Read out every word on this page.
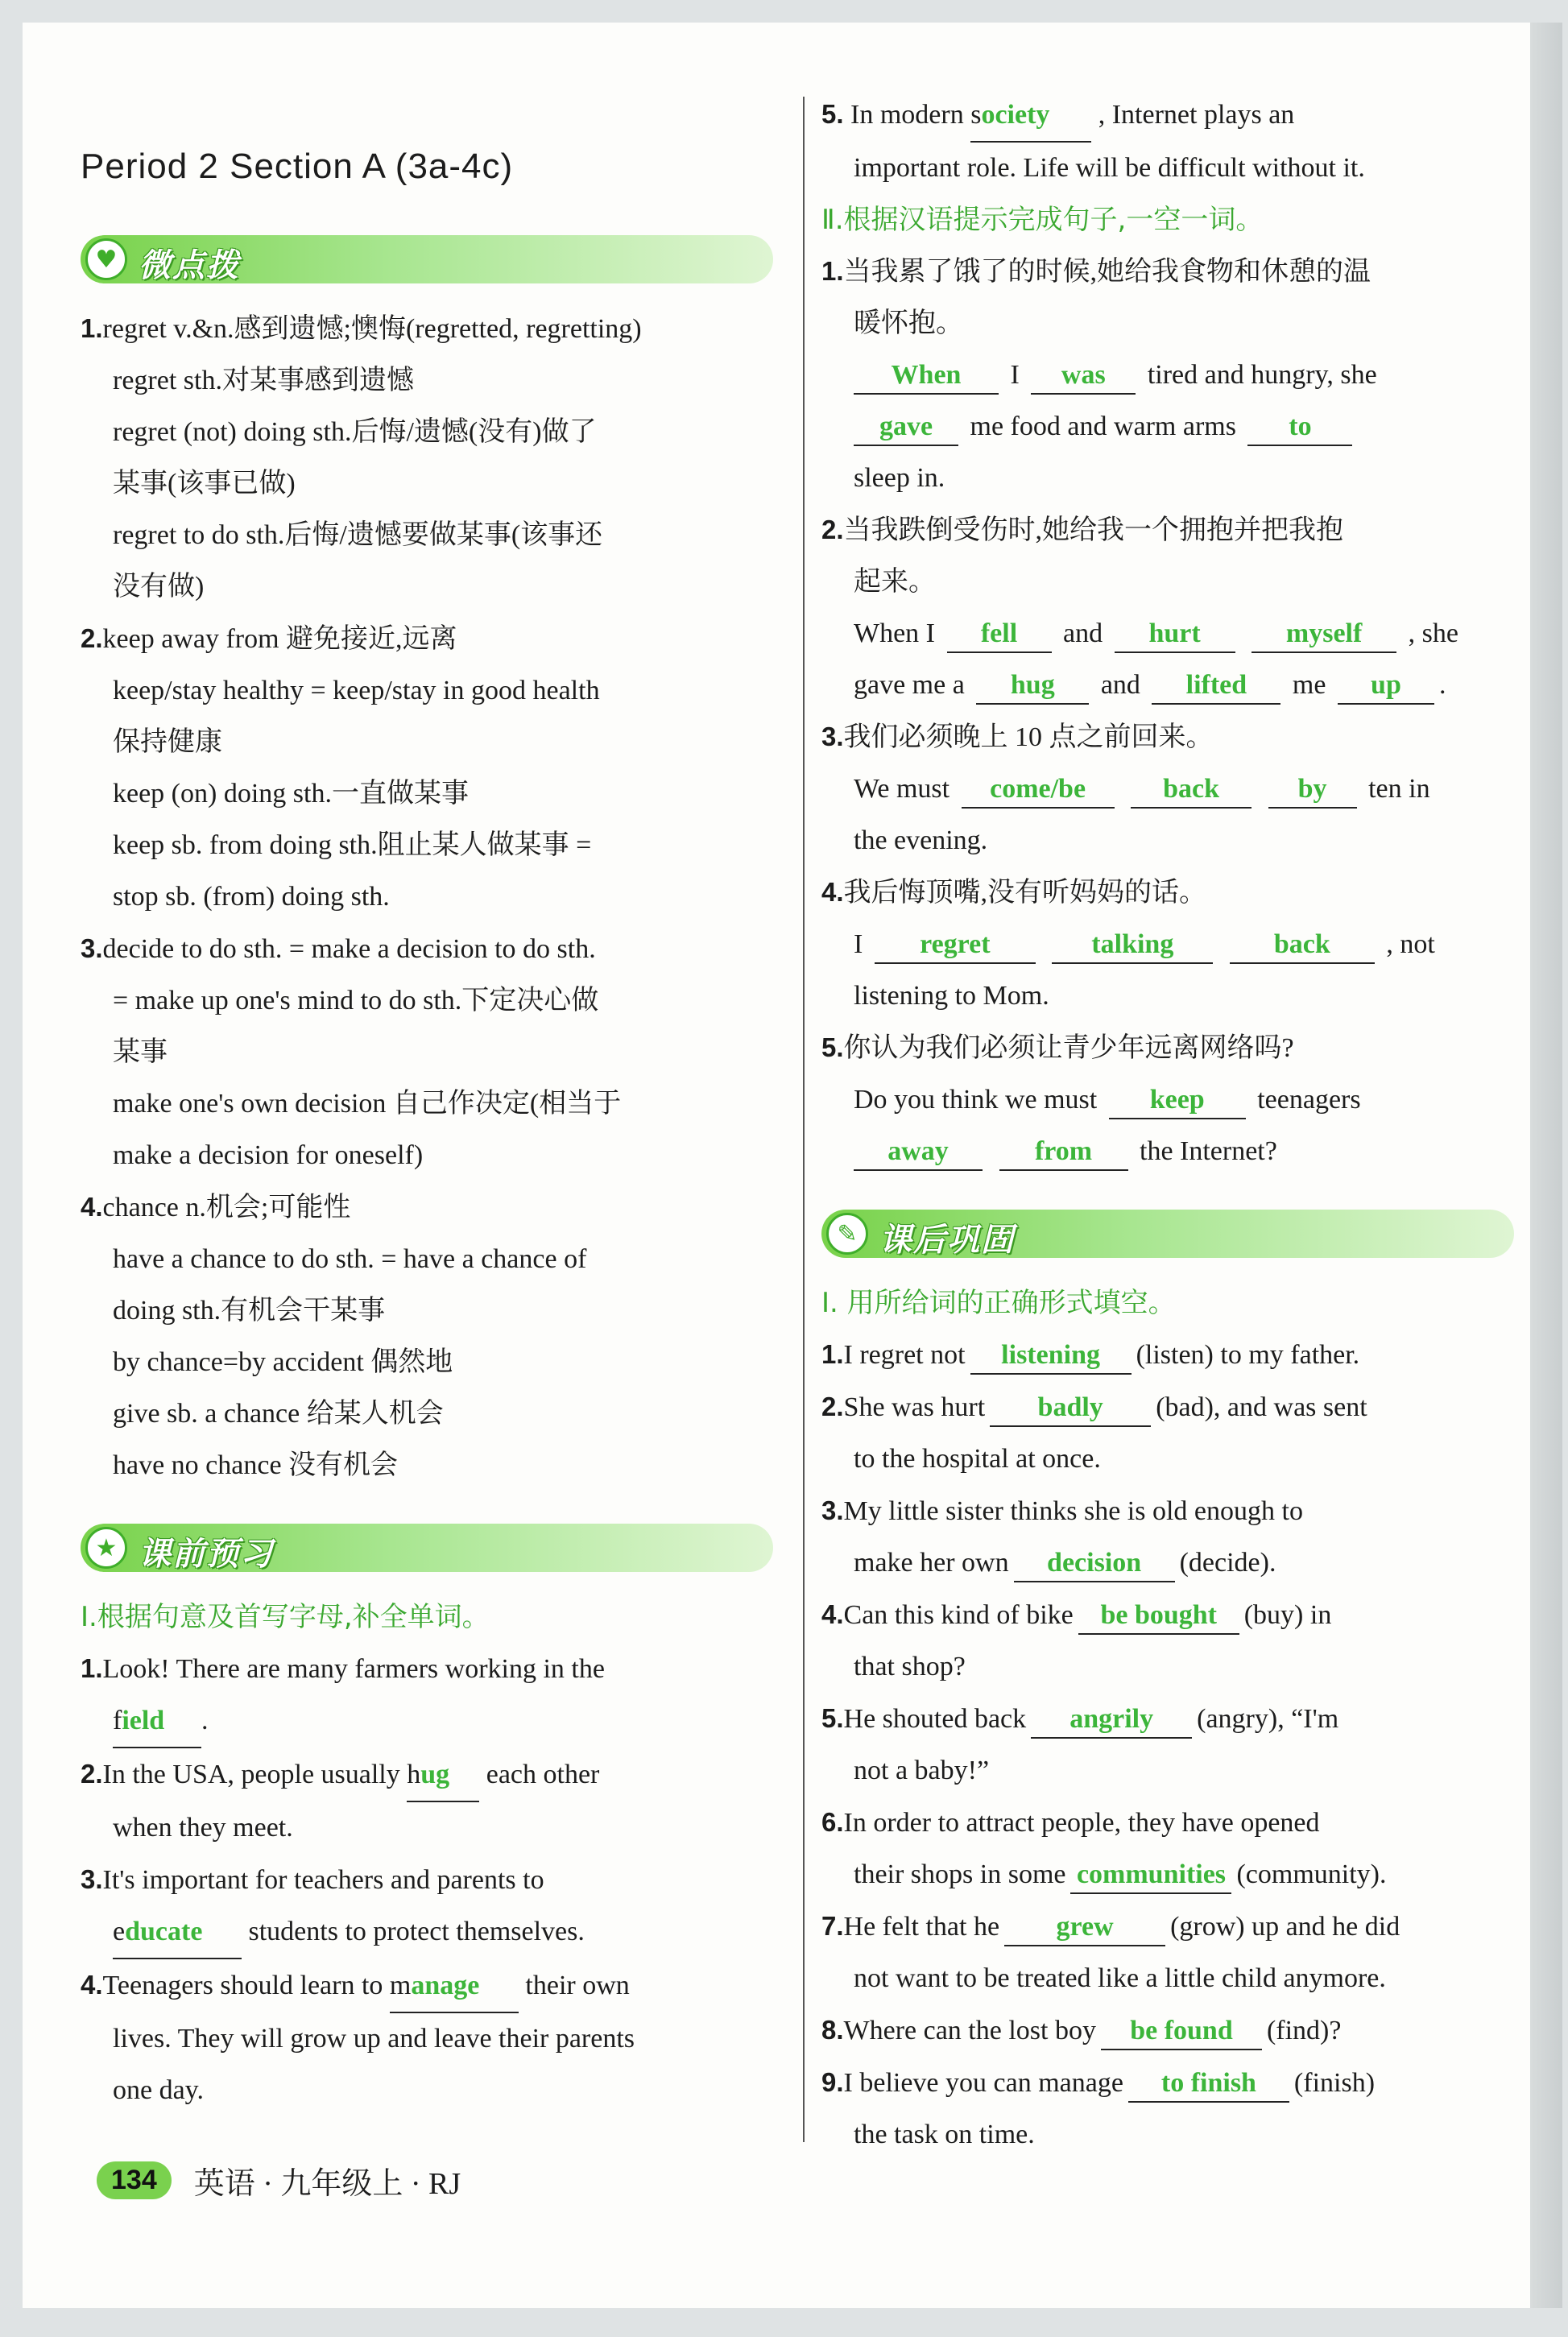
Period 2 Section A (3a-4c)
♥ 微点拨
1.regret v.&n.感到遗憾;懊悔(regretted, regretting)
regret sth.对某事感到遗憾
regret (not) doing sth.后悔/遗憾(没有)做了
某事(该事已做)
regret to do sth.后悔/遗憾要做某事(该事还
没有做)
2.keep away from 避免接近,远离
keep/stay healthy = keep/stay in good health
保持健康
keep (on) doing sth.一直做某事
keep sb. from doing sth.阻止某人做某事 =
stop sb. (from) doing sth.
3.decide to do sth. = make a decision to do sth.
= make up one's mind to do sth.下定决心做
某事
make one's own decision 自己作决定(相当于
make a decision for oneself)
4.chance n.机会;可能性
have a chance to do sth. = have a chance of
doing sth.有机会干某事
by chance=by accident 偶然地
give sb. a chance 给某人机会
have no chance 没有机会
★ 课前预习
Ⅰ.根据句意及首写字母,补全单词。
1.Look! There are many farmers working in the
field .
2.In the USA, people usually hug each other
when they meet.
3.It's important for teachers and parents to
educate students to protect themselves.
4.Teenagers should learn to manage their own
lives. They will grow up and leave their parents
one day.
5. In modern society , Internet plays an
important role. Life will be difficult without it.
Ⅱ.根据汉语提示完成句子,一空一词。
1.当我累了饿了的时候,她给我食物和休憩的温
暖怀抱。
When I was tired and hungry, she
gave me food and warm arms to
sleep in.
2.当我跌倒受伤时,她给我一个拥抱并把我抱
起来。
When I fell and hurt	myself , she
gave me a hug and lifted me up .
3.我们必须晚上 10 点之前回来。
We must come/be	back	by ten in
the evening.
4.我后悔顶嘴,没有听妈妈的话。
I regret	talking	back , not
listening to Mom.
5.你认为我们必须让青少年远离网络吗?
Do you think we must keep teenagers
away	from the Internet?
✎ 课后巩固
Ⅰ. 用所给词的正确形式填空。
1.I regret not listening (listen) to my father.
2.She was hurt badly (bad), and was sent
to the hospital at once.
3.My little sister thinks she is old enough to
make her own decision (decide).
4.Can this kind of bike be bought (buy) in
that shop?
5.He shouted back angrily (angry), “I'm
not a baby!”
6.In order to attract people, they have opened
their shops in some communities (community).
7.He felt that he grew (grow) up and he did
not want to be treated like a little child anymore.
8.Where can the lost boy be found (find)?
9.I believe you can manage to finish (finish)
the task on time.
134	英语 · 九年级上 · RJ
